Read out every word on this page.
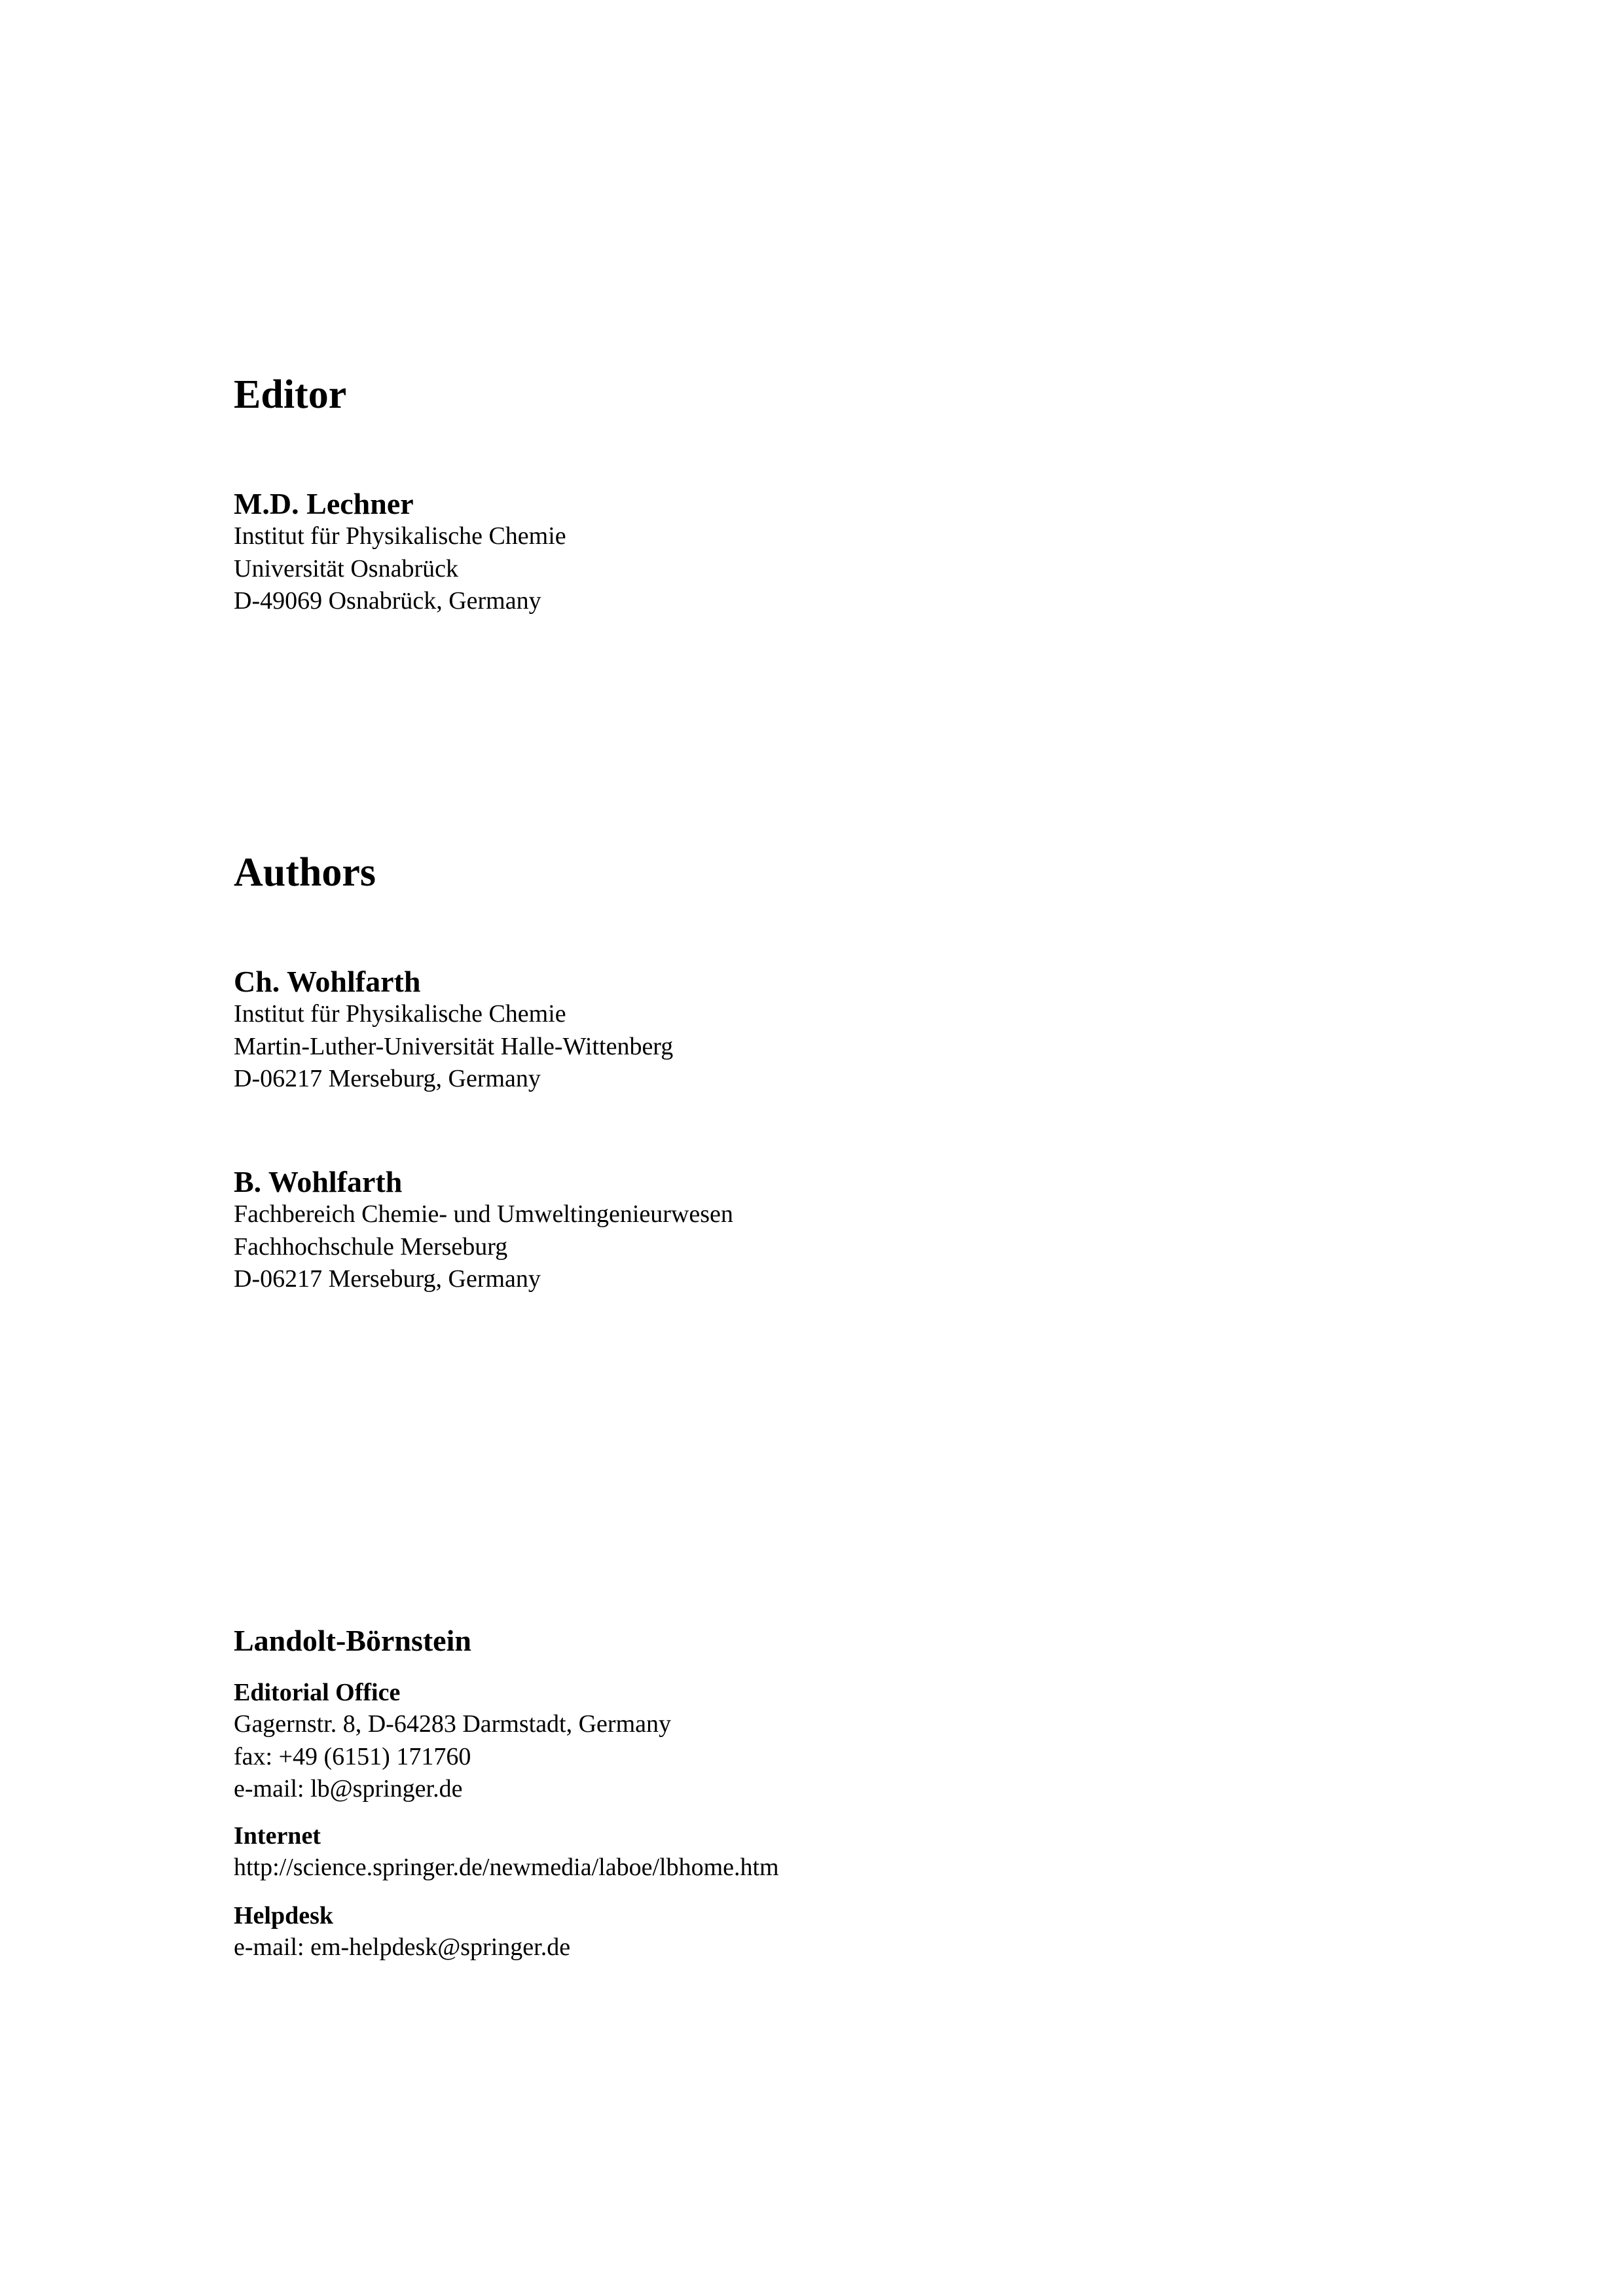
Editor
M.D. Lechner
Institut für Physikalische Chemie
Universität Osnabrück
D-49069 Osnabrück, Germany
Authors
Ch. Wohlfarth
Institut für Physikalische Chemie
Martin-Luther-Universität Halle-Wittenberg
D-06217 Merseburg, Germany
B. Wohlfarth
Fachbereich Chemie- und Umweltingenieurwesen
Fachhochschule Merseburg
D-06217 Merseburg, Germany
Landolt-Börnstein
Editorial Office
Gagernstr. 8, D-64283 Darmstadt, Germany
fax: +49 (6151) 171760
e-mail: lb@springer.de
Internet
http://science.springer.de/newmedia/laboe/lbhome.htm
Helpdesk
e-mail: em-helpdesk@springer.de
